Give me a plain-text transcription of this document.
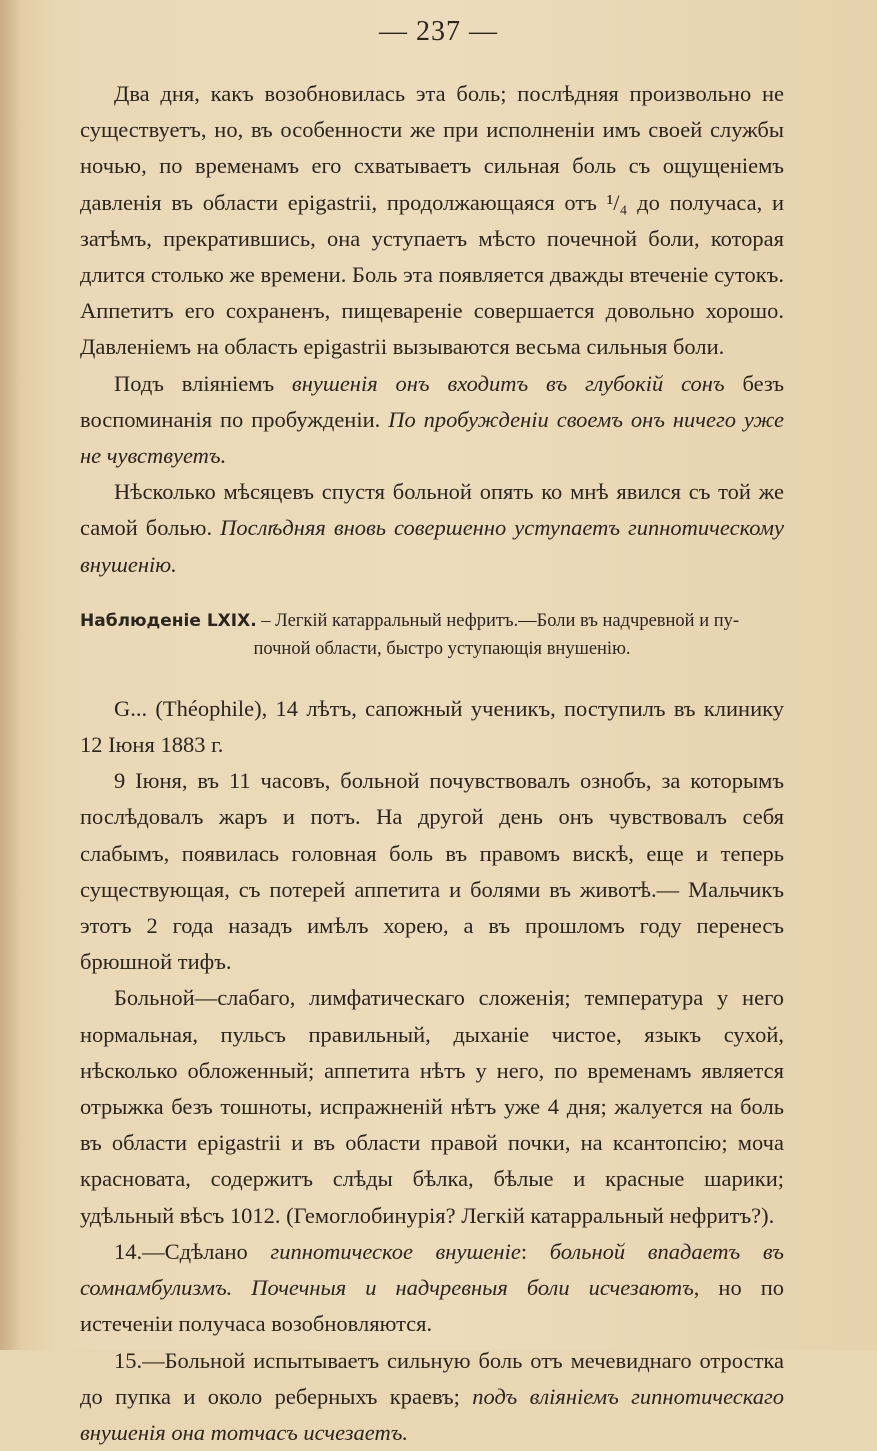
— 237 —

Два дня, какъ возобновилась эта боль; послѣдняя произвольно не существуетъ, но, въ особенности же при исполненіи имъ своей службы ночью, по временамъ его схватываетъ сильная боль съ ощущеніемъ давленія въ области epigastrii, продолжающаяся отъ ¹/₄ до получаса, и затѣмъ, прекратившись, она уступаетъ мѣсто почечной боли, которая длится столько же времени. Боль эта появляется дважды втеченіе сутокъ. Аппетитъ его сохраненъ, пищевареніе совершается довольно хорошо. Давленіемъ на область epigastrii вызываются весьма сильныя боли.

Подъ вліяніемъ внушенія онъ входитъ въ глубокій сонъ безъ воспоминанія по пробужденіи. По пробужденіи своемъ онъ ничего уже не чувствуетъ.

Нѣсколько мѣсяцевъ спустя больной опять ко мнѣ явился съ той же самой болью. Послѣдняя вновь совершенно уступаетъ гипнотическому внушенію.

Наблюденіе LXIX. – Легкій катарральный нефритъ.—Боли въ надчревной и пу-
почной области, быстро уступающія внушенію.

G... (Théophile), 14 лѣтъ, сапожный ученикъ, поступилъ въ клинику 12 Іюня 1883 г.

9 Іюня, въ 11 часовъ, больной почувствовалъ ознобъ, за которымъ послѣдовалъ жаръ и потъ. На другой день онъ чувствовалъ себя слабымъ, появилась головная боль въ правомъ вискѣ, еще и теперь существующая, съ потерей аппетита и болями въ животѣ.— Мальчикъ этотъ 2 года назадъ имѣлъ хорею, а въ прошломъ году перенесъ брюшной тифъ.

Больной—слабаго, лимфатическаго сложенія; температура у него нормальная, пульсъ правильный, дыханіе чистое, языкъ сухой, нѣсколько обложенный; аппетита нѣтъ у него, по временамъ является отрыжка безъ тошноты, испражненій нѣтъ уже 4 дня; жалуется на боль въ области epigastrii и въ области правой почки, на ксантопсію; моча красновата, содержитъ слѣды бѣлка, бѣлые и красные шарики; удѣльный вѣсъ 1012. (Гемоглобинурія? Легкій катарральный нефритъ?).

14.—Сдѣлано гипнотическое внушеніе: больной впадаетъ въ сомнамбулизмъ. Почечныя и надчревныя боли исчезаютъ, но по истеченіи получаса возобновляются.

15.—Больной испытываетъ сильную боль отъ мечевиднаго отростка до пупка и около реберныхъ краевъ; подъ вліяніемъ гипнотическаго внушенія она тотчасъ исчезаетъ.
